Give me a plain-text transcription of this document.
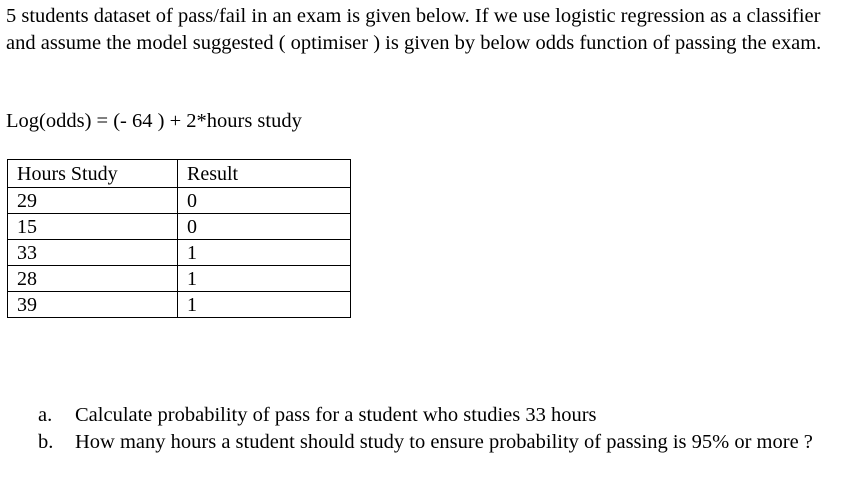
5 students dataset of pass/fail in an exam is given below. If we use logistic regression as a classifier and assume the model suggested ( optimiser ) is given by below odds function of passing the exam.

Log(odds) = (- 64 ) + 2*hours study

Hours Study	Result
29	0
15	0
33	1
28	1
39	1
a. Calculate probability of pass for a student who studies 33 hours
b. How many hours a student should study to ensure probability of passing is 95% or more ?
